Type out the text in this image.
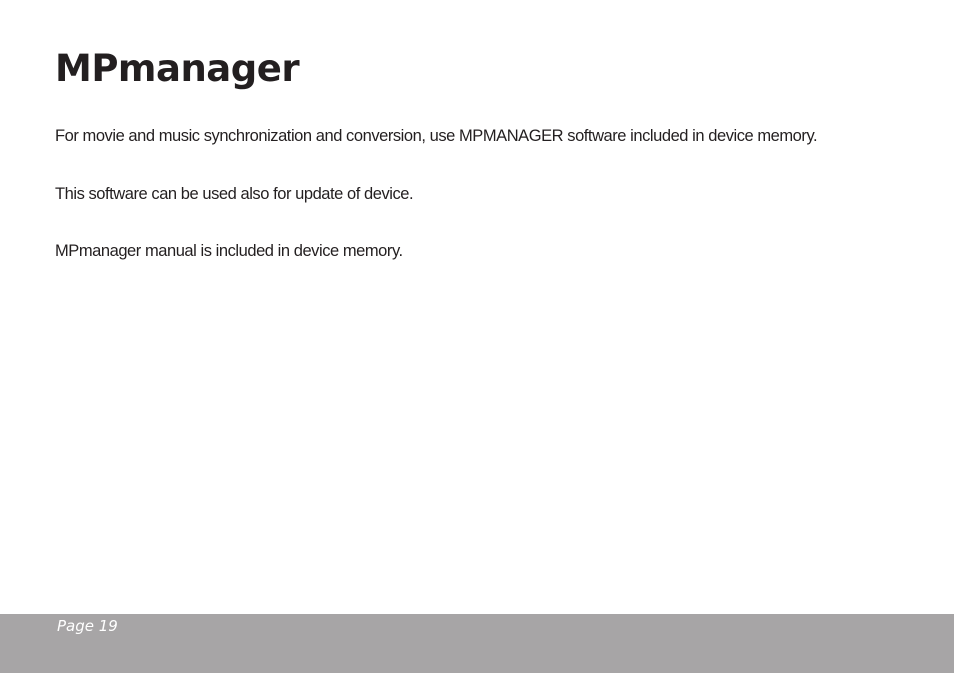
MPmanager

For movie and music synchronization and conversion, use MPMANAGER software included in device memory.

This software can be used also for update of device.

MPmanager manual is included in device memory.

Page 19
